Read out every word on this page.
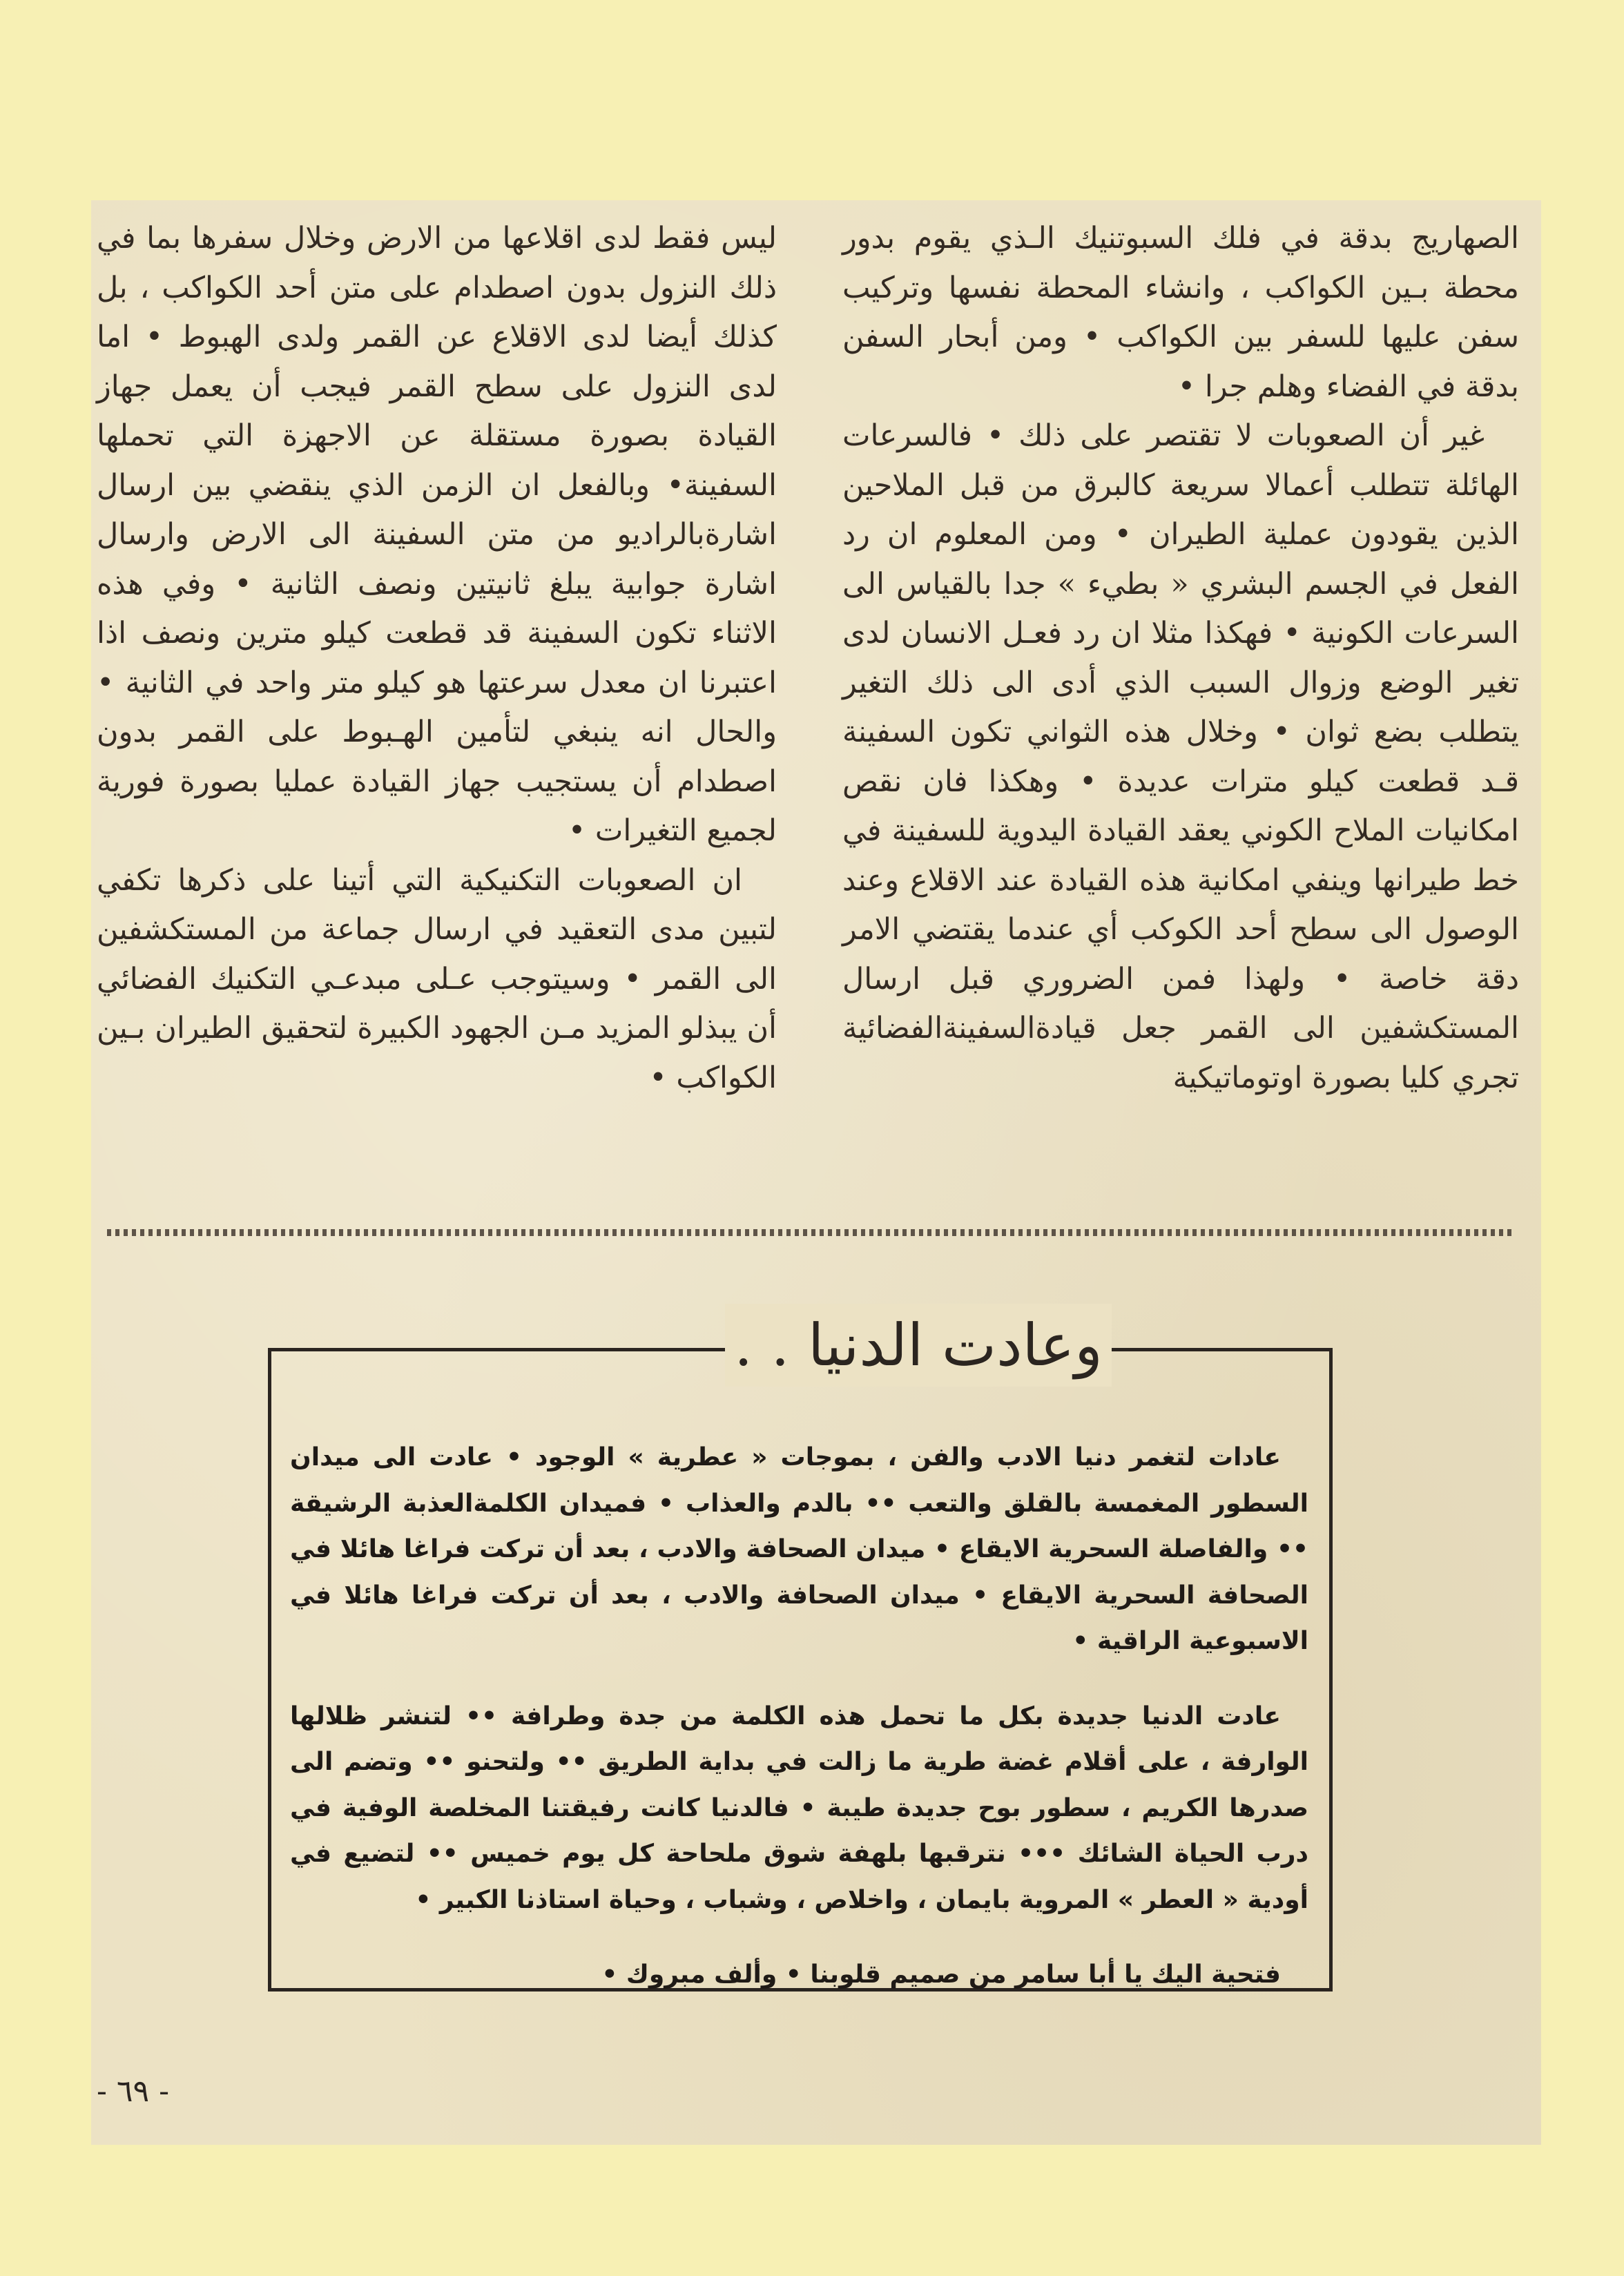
الصهاريج بدقة في فلك السبوتنيك الـذي يقوم بدور محطة بـين الكواكب ، وانشاء المحطة نفسها وتركيب سفن عليها للسفر بين الكواكب • ومن أبحار السفن بدقة في الفضاء وهلم جرا •

غير أن الصعوبات لا تقتصر على ذلك • فالسرعات الهائلة تتطلب أعمالا سريعة كالبرق من قبل الملاحين الذين يقودون عملية الطيران • ومن المعلوم ان رد الفعل في الجسم البشري « بطيء » جدا بالقياس الى السرعات الكونية • فهكذا مثلا ان رد فعـل الانسان لدى تغير الوضع وزوال السبب الذي أدى الى ذلك التغير يتطلب بضع ثوان • وخلال هذه الثواني تكون السفينة قـد قطعت كيلو مترات عديدة • وهكذا فان نقص امكانيات الملاح الكوني يعقد القيادة اليدوية للسفينة في خط طيرانها وينفي امكانية هذه القيادة عند الاقلاع وعند الوصول الى سطح أحد الكوكب أي عندما يقتضي الامر دقة خاصة • ولهذا فمن الضروري قبل ارسال المستكشفين الى القمر جعل قيادةالسفينةالفضائية تجري كليا بصورة اوتوماتيكية

ليس فقط لدى اقلاعها من الارض وخلال سفرها بما في ذلك النزول بدون اصطدام على متن أحد الكواكب ، بل كذلك أيضا لدى الاقلاع عن القمر ولدى الهبوط • اما لدى النزول على سطح القمر فيجب أن يعمل جهاز القيادة بصورة مستقلة عن الاجهزة التي تحملها السفينة• وبالفعل ان الزمن الذي ينقضي بين ارسال اشارةبالراديو من متن السفينة الى الارض وارسال اشارة جوابية يبلغ ثانيتين ونصف الثانية • وفي هذه الاثناء تكون السفينة قد قطعت كيلو مترين ونصف اذا اعتبرنا ان معدل سرعتها هو كيلو متر واحد في الثانية • والحال انه ينبغي لتأمين الهـبوط على القمر بدون اصطدام أن يستجيب جهاز القيادة عمليا بصورة فورية لجميع التغيرات •

ان الصعوبات التكنيكية التي أتينا على ذكرها تكفي لتبين مدى التعقيد في ارسال جماعة من المستكشفين الى القمر • وسيتوجب عـلى مبدعـي التكنيك الفضائي أن يبذلو المزيد مـن الجهود الكبيرة لتحقيق الطيران بـين الكواكب •

وعادت الدنيا . .

عادات لتغمر دنيا الادب والفن ، بموجات « عطرية » الوجود • عادت الى ميدان السطور المغمسة بالقلق والتعب •• بالدم والعذاب • فميدان الكلمةالعذبة الرشيقة •• والفاصلة السحرية الايقاع • ميدان الصحافة والادب ، بعد أن تركت فراغا هائلا في الصحافة السحرية الايقاع • ميدان الصحافة والادب ، بعد أن تركت فراغا هائلا في الاسبوعية الراقية •

عادت الدنيا جديدة بكل ما تحمل هذه الكلمة من جدة وطرافة •• لتنشر ظلالها الوارفة ، على أقلام غضة طرية ما زالت في بداية الطريق •• ولتحنو •• وتضم الى صدرها الكريم ، سطور بوح جديدة طيبة • فالدنيا كانت رفيقتنا المخلصة الوفية في درب الحياة الشائك ••• نترقبها بلهفة شوق ملحاحة كل يوم خميس •• لتضيع في أودية « العطر » المروية بايمان ، واخلاص ، وشباب ، وحياة استاذنا الكبير •

فتحية اليك يا أبا سامر من صميم قلوبنا • وألف مبروك •

- ٦٩ -
